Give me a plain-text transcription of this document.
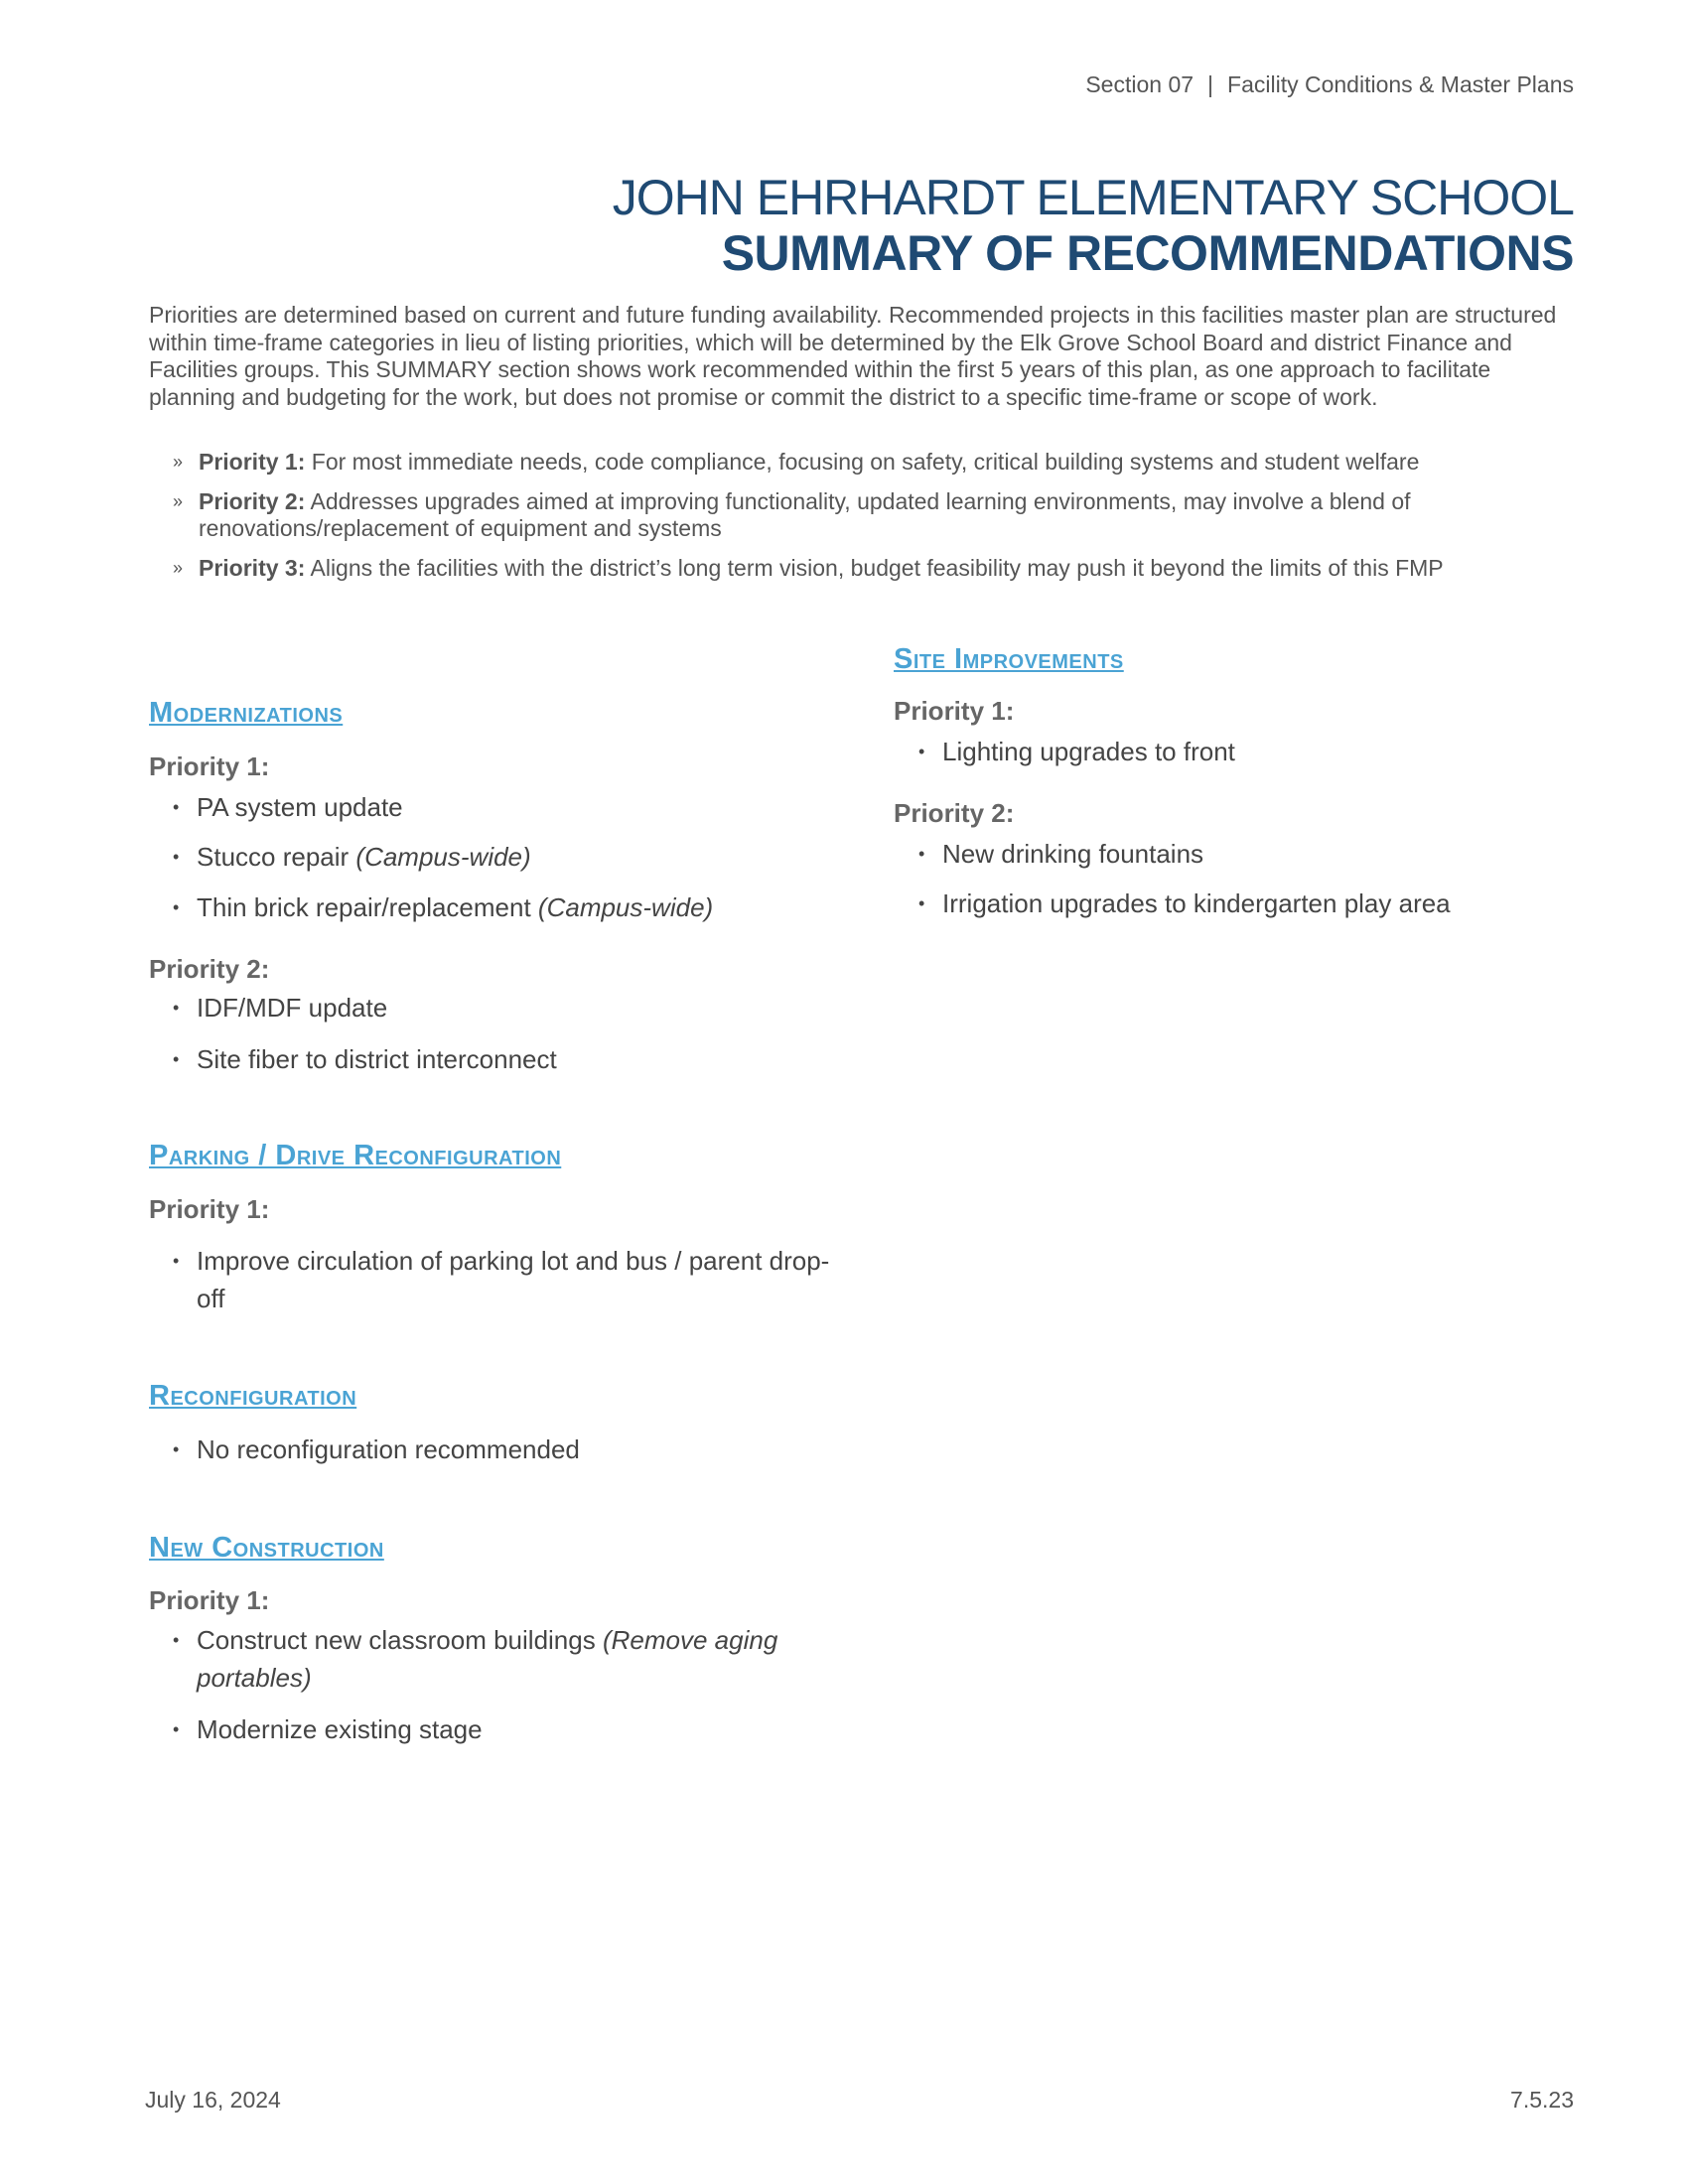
Section 07 | Facility Conditions & Master Plans
JOHN EHRHARDT ELEMENTARY SCHOOL
SUMMARY OF RECOMMENDATIONS

Priorities are determined based on current and future funding availability. Recommended projects in this facilities master plan are structured within time-frame categories in lieu of listing priorities, which will be determined by the Elk Grove School Board and district Finance and Facilities groups. This SUMMARY section shows work recommended within the first 5 years of this plan, as one approach to facilitate planning and budgeting for the work, but does not promise or commit the district to a specific time-frame or scope of work.

» Priority 1: For most immediate needs, code compliance, focusing on safety, critical building systems and student welfare
» Priority 2: Addresses upgrades aimed at improving functionality, updated learning environments, may involve a blend of renovations/replacement of equipment and systems
» Priority 3: Aligns the facilities with the district’s long term vision, budget feasibility may push it beyond the limits of this FMP
Modernizations
Priority 1:
• PA system update
• Stucco repair (Campus-wide)
• Thin brick repair/replacement (Campus-wide)
Priority 2:
• IDF/MDF update
• Site fiber to district interconnect
Parking / Drive Reconfiguration
Priority 1:
• Improve circulation of parking lot and bus / parent drop-off
Reconfiguration
• No reconfiguration recommended
New Construction
Priority 1:
• Construct new classroom buildings (Remove aging portables)
• Modernize existing stage
Site Improvements
Priority 1:
• Lighting upgrades to front
Priority 2:
• New drinking fountains
• Irrigation upgrades to kindergarten play area
July 16, 2024	7.5.23
